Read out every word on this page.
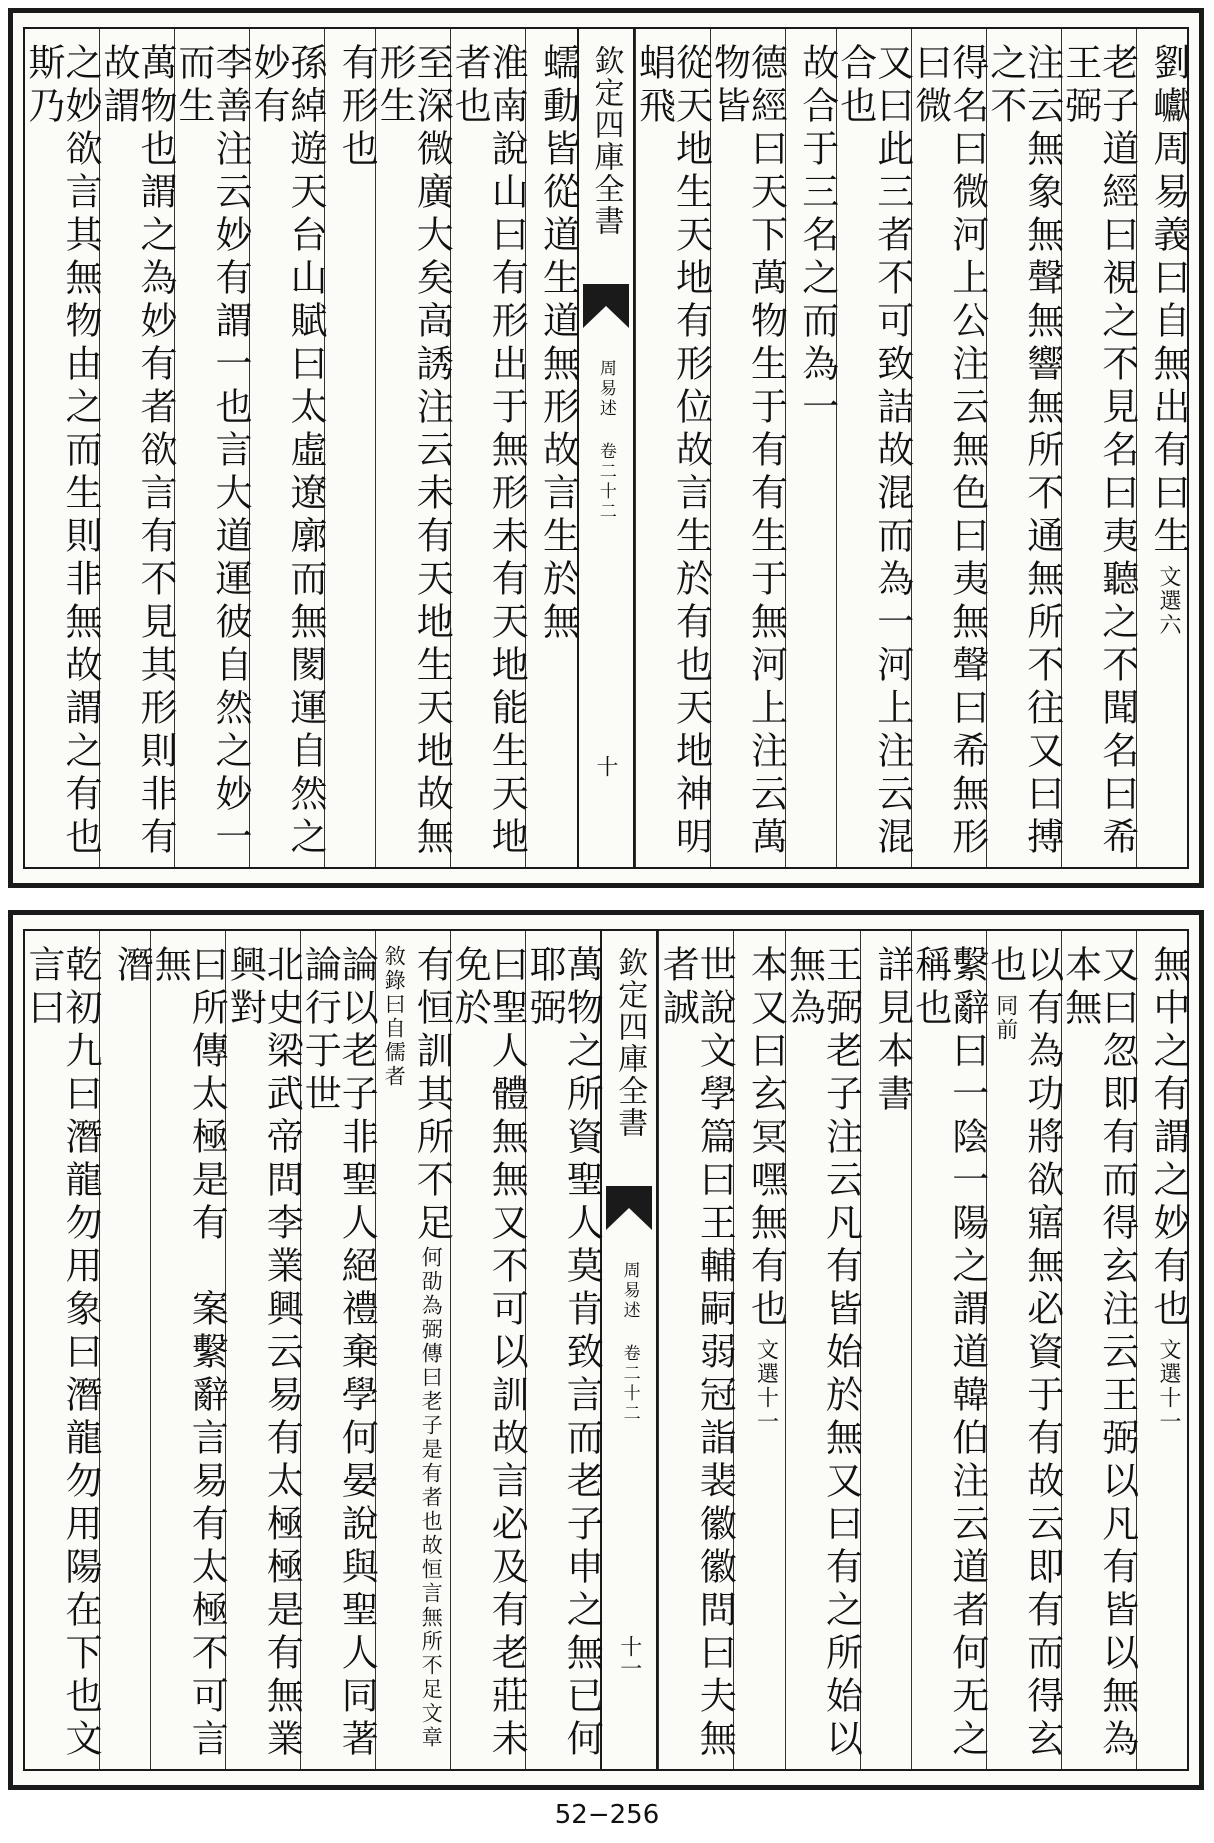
劉巘周易義曰自無出有曰生文選六
老子道經曰視之不見名曰夷聽之不聞名曰希王弼
注云無象無聲無響無所不通無所不往又曰搏之不
得名曰微河上公注云無色曰夷無聲曰希無形曰微
又曰此三者不可致詰故混而為一河上注云混合也
故合于三名之而為一
德經曰天下萬物生于有有生于無河上注云萬物皆
從天地生天地有形位故言生於有也天地神明蜎飛
欽定四庫全書
周易述 卷二十二
十
蠕動皆從道生道無形故言生於無
淮南說山曰有形出于無形未有天地能生天地者也
至深微廣大矣高誘注云未有天地生天地故無形生
有形也
孫綽遊天台山賦曰太虛遼廓而無閡運自然之妙有
李善注云妙有謂一也言大道運彼自然之妙一而生
萬物也謂之為妙有者欲言有不見其形則非有故謂
之妙欲言其無物由之而生則非無故謂之有也斯乃
無中之有謂之妙有也文選十一
又曰忽即有而得玄注云王弼以凡有皆以無為本無
以有為功將欲寤無必資于有故云即有而得玄也同前
繫辭曰一陰一陽之謂道韓伯注云道者何无之稱也
詳見本書
王弼老子注云凡有皆始於無又曰有之所始以無為
本又曰玄冥嘿無有也文選十一
世說文學篇曰王輔嗣弱冠詣裴徽徽問曰夫無者誠
欽定四庫全書
周易述 卷二十二
十一
萬物之所資聖人莫肯致言而老子申之無已何耶弼
曰聖人體無無又不可以訓故言必及有老莊未免於
有恒訓其所不足何劭為弼傳曰老子是有者也故恒言無所不足文章敘錄曰自儒者
論以老子非聖人絕禮棄學何晏說與聖人同著論行于世
北史梁武帝問李業興云易有太極極是有無業興對
曰所傳太極是有　案繫辭言易有太極不可言無
潛
乾初九曰潛龍勿用象曰潛龍勿用陽在下也文言曰
52−256
